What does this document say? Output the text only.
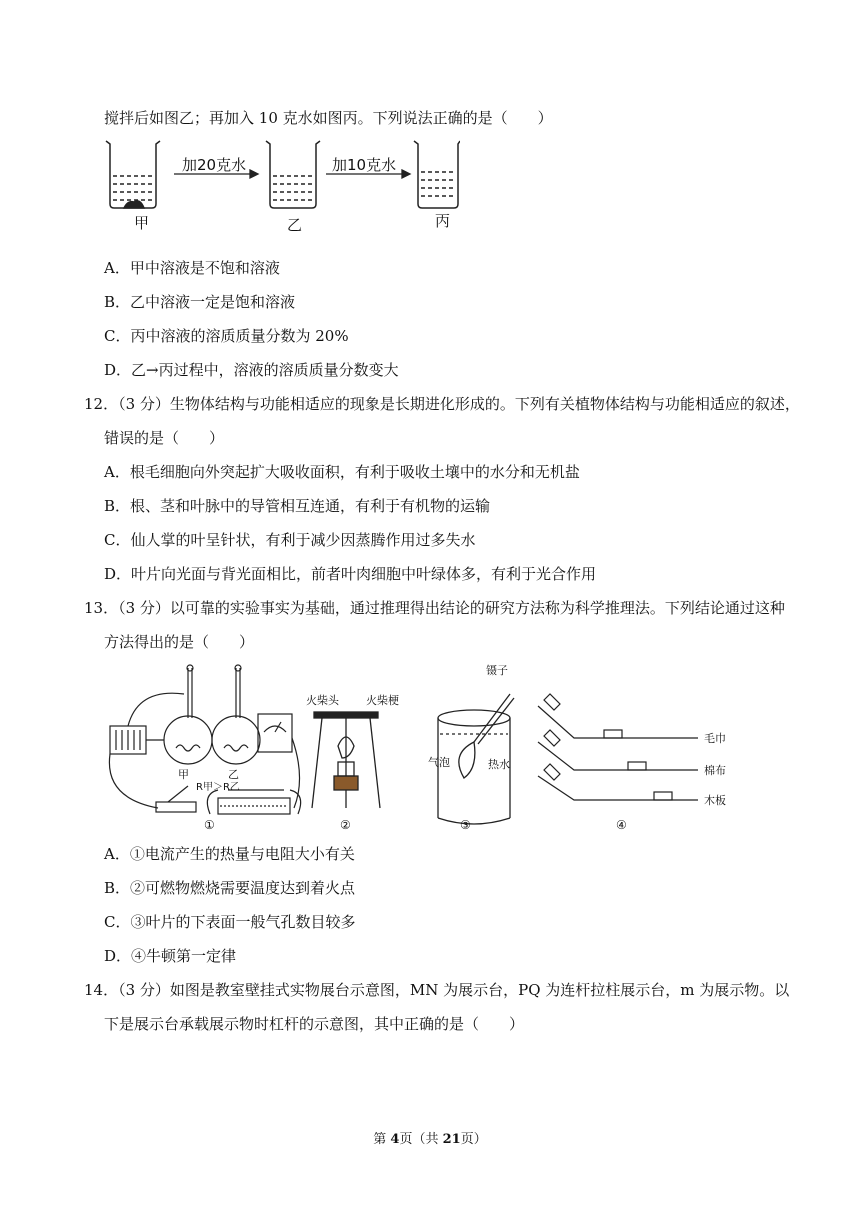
搅拌后如图乙；再加入 10 克水如图丙。下列说法正确的是（　　）
加20克水	加10克水
甲	乙	丙
A．甲中溶液是不饱和溶液
B．乙中溶液一定是饱和溶液
C．丙中溶液的溶质质量分数为 20%
D．乙→丙过程中，溶液的溶质质量分数变大
12．（3 分）生物体结构与功能相适应的现象是长期进化形成的。下列有关植物体结构与功能相适应的叙述，
错误的是（　　）
A．根毛细胞向外突起扩大吸收面积，有利于吸收土壤中的水分和无机盐
B．根、茎和叶脉中的导管相互连通，有利于有机物的运输
C．仙人掌的叶呈针状，有利于减少因蒸腾作用过多失水
D．叶片向光面与背光面相比，前者叶肉细胞中叶绿体多，有利于光合作用
13．（3 分）以可靠的实验事实为基础，通过推理得出结论的研究方法称为科学推理法。下列结论通过这种
方法得出的是（　　）
甲	乙
R甲＞R乙
火柴头 火柴梗
镊子
气泡	热水
毛巾
棉布
木板
①	②	③	④
A．①电流产生的热量与电阻大小有关
B．②可燃物燃烧需要温度达到着火点
C．③叶片的下表面一般气孔数目较多
D．④牛顿第一定律
14．（3 分）如图是教室壁挂式实物展台示意图，MN 为展示台，PQ 为连杆拉柱展示台，m 为展示物。以
下是展示台承载展示物时杠杆的示意图，其中正确的是（　　）
第 4页（共 21页）
